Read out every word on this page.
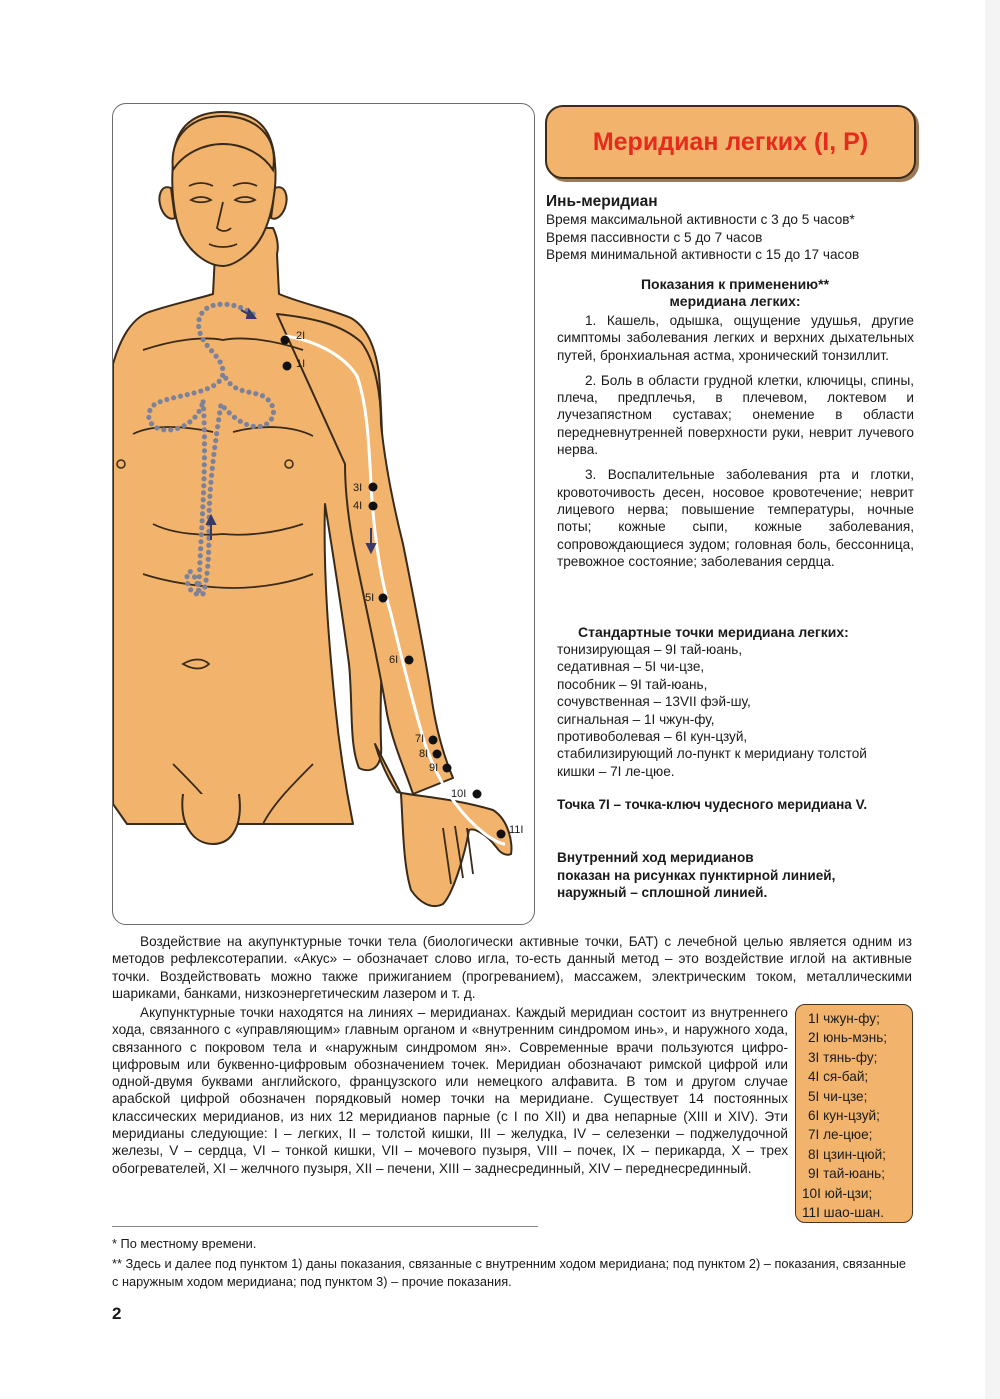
2I
1I
3I
4I
5I
6I
7I
8I
9I
10I
11I
Меридиан легких (I, P)
Инь-меридиан
Время максимальной активности с 3 до 5 часов*
Время пассивности с 5 до 7 часов
Время минимальной активности с 15 до 17 часов
Показания к применению**
меридиана легких:

1. Кашель, одышка, ощущение удушья, другие симптомы заболевания легких и верхних дыхательных путей, бронхиальная астма, хронический тонзиллит.

2. Боль в области грудной клетки, ключицы, спины, плеча, предплечья, в плечевом, локтевом и лучезапястном суставах; онемение в области передневнутренней поверхности руки, неврит лучевого нерва.

3. Воспалительные заболевания рта и глотки, кровоточивость десен, носовое кровотечение; неврит лицевого нерва; повышение температуры, ночные поты; кожные сыпи, кожные заболевания, сопровождающиеся зудом; головная боль, бессонница, тревожное состояние; заболевания сердца.

Стандартные точки меридиана легких:
тонизирующая – 9I тай-юань,
седативная – 5I чи-цзе,
пособник – 9I тай-юань,
сочувственная – 13VII фэй-шу,
сигнальная – 1I чжун-фу,
противоболевая – 6I кун-цзуй,
стабилизирующий ло-пункт к меридиану толстой
кишки – 7I ле-цюе.
Точка 7I – точка-ключ чудесного меридиана V.
Внутренний ход меридианов
показан на рисунках пунктирной линией,
наружный – сплошной линией.

Воздействие на акупунктурные точки тела (биологически активные точки, БАТ) с лечебной целью является одним из методов рефлексотерапии. «Акус» – обозначает слово игла, то-есть данный метод – это воздействие иглой на активные точки. Воздействовать можно также прижиганием (прогреванием), массажем, электрическим током, металлическими шариками, банками, низкоэнергетическим лазером и т. д.

Акупунктурные точки находятся на линиях – меридианах. Каждый меридиан состоит из внутреннего хода, связанного с «управляющим» главным органом и «внутренним синдромом инь», и наружного хода, связанного с покровом тела и «наружным синдромом ян». Современные врачи пользуются цифро-цифровым или буквенно-цифровым обозначением точек. Меридиан обозначают римской цифрой или одной-двумя буквами английского, французского или немецкого алфавита. В том и другом случае арабской цифрой обозначен порядковый номер точки на меридиане. Существует 14 постоянных классических меридианов, из них 12 меридианов парные (с I по XII) и два непарные (XIII и XIV). Эти меридианы следующие: I – легких, II – толстой кишки, III – желудка, IV – селезенки – поджелудочной железы, V – сердца, VI – тонкой кишки, VII – мочевого пузыря, VIII – почек, IX – перикарда, X – трех обогревателей, XI – желчного пузыря, XII – печени, XIII – заднесрединный, XIV – переднесрединный.

1I чжун-фу;
2I юнь-мэнь;
3I тянь-фу;
4I ся-бай;
5I чи-цзе;
6I кун-цзуй;
7I ле-цюе;
8I цзин-цюй;
9I тай-юань;
10I юй-цзи;
11I шао-шан.
* По местному времени.
** Здесь и далее под пунктом 1) даны показания, связанные с внутренним ходом меридиана; под пунктом 2) – показания, связанные с наружным ходом меридиана; под пунктом 3) – прочие показания.
2
